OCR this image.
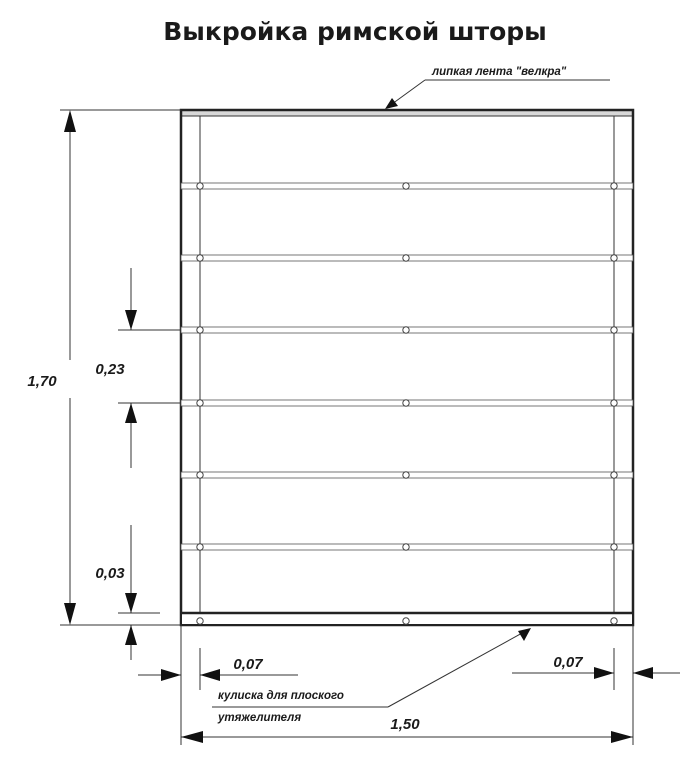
Выкройка римской шторы
липкая лента "велкра"
1,70
0,23
0,03
0,07	0,07
кулиска для плоского
утяжелителя	1,50
